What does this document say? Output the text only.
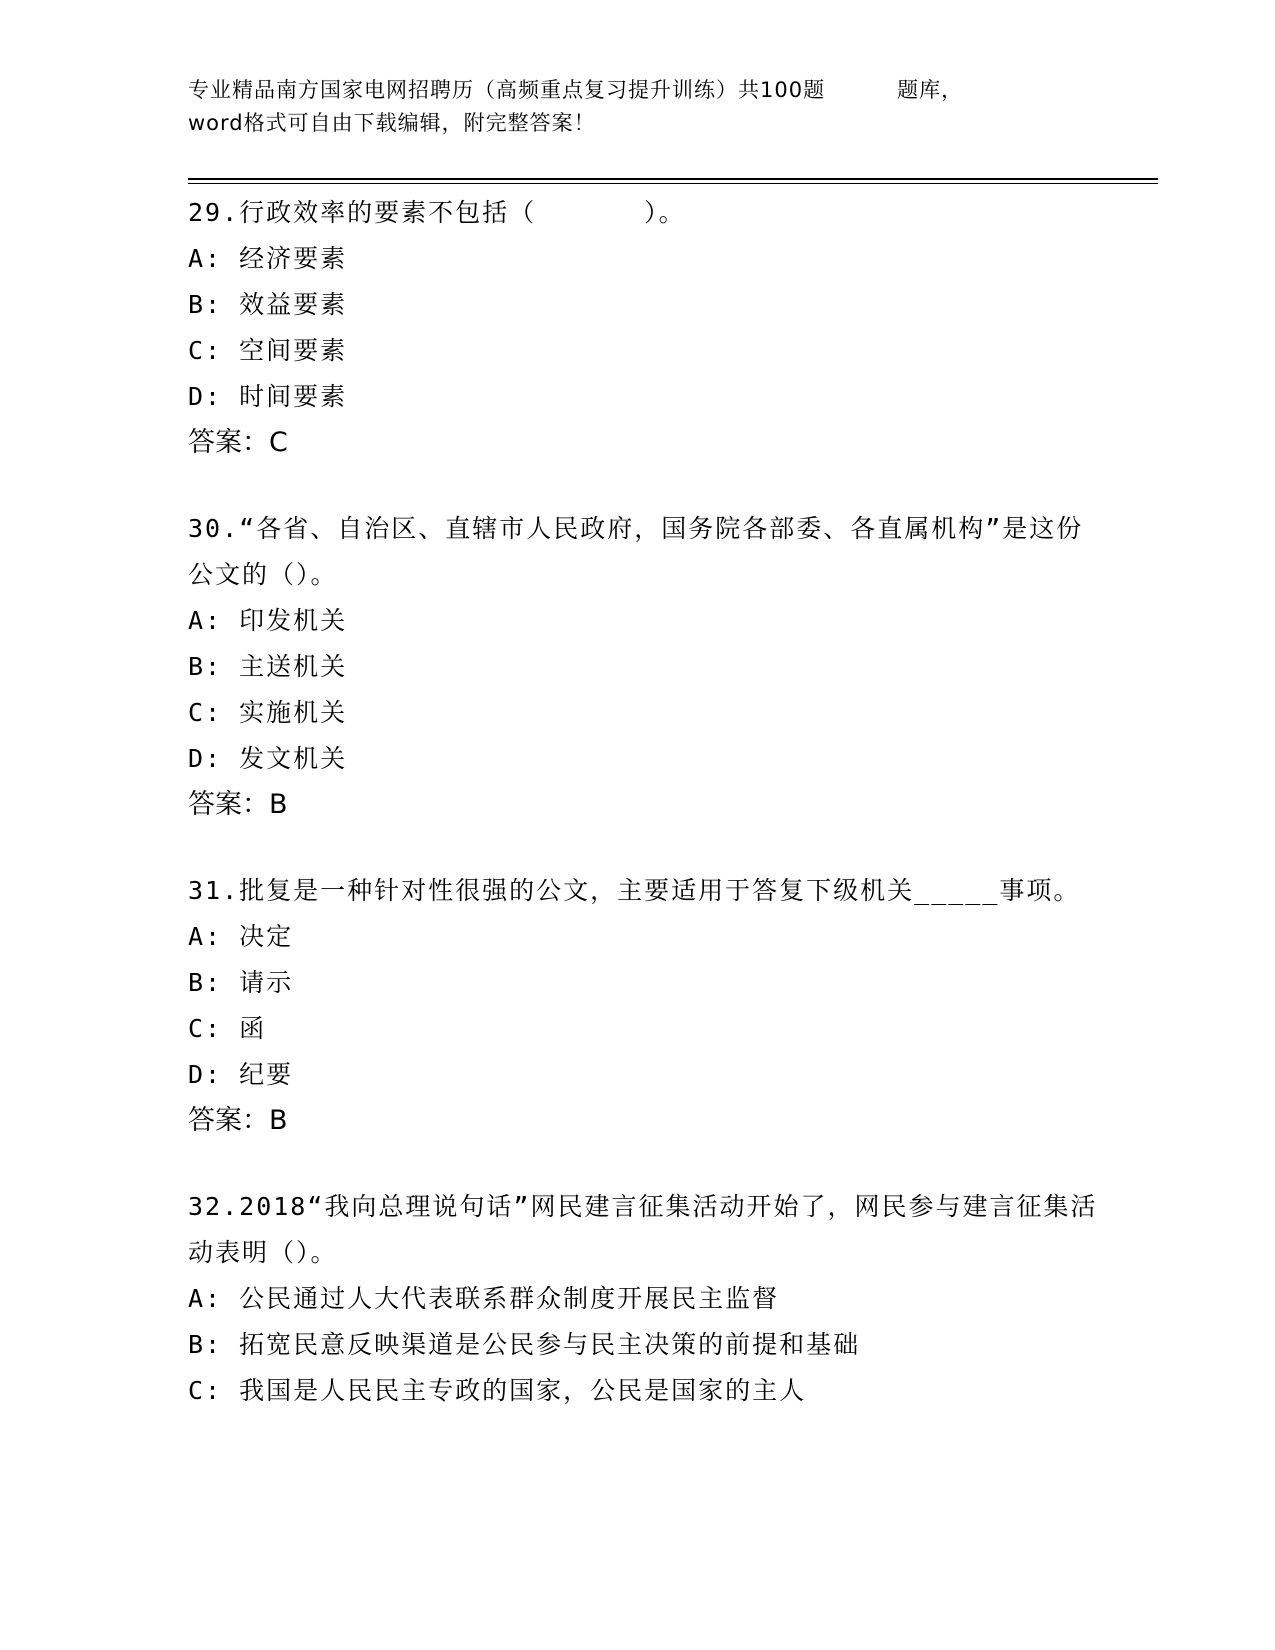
专业精品南方国家电网招聘历（高频重点复习提升训练）共100题	题库，
word格式可自由下载编辑，附完整答案！
29.行政效率的要素不包括（　　　　）。
A: 经济要素
B: 效益要素
C: 空间要素
D: 时间要素
答案：C
30.“各省、自治区、直辖市人民政府，国务院各部委、各直属机构”是这份公文的（）。
A: 印发机关
B: 主送机关
C: 实施机关
D: 发文机关
答案：B
31.批复是一种针对性很强的公文，主要适用于答复下级机关_____事项。
A: 决定
B: 请示
C: 函
D: 纪要
答案：B
32.2018“我向总理说句话”网民建言征集活动开始了，网民参与建言征集活动表明（）。
A: 公民通过人大代表联系群众制度开展民主监督
B: 拓宽民意反映渠道是公民参与民主决策的前提和基础
C: 我国是人民民主专政的国家，公民是国家的主人
